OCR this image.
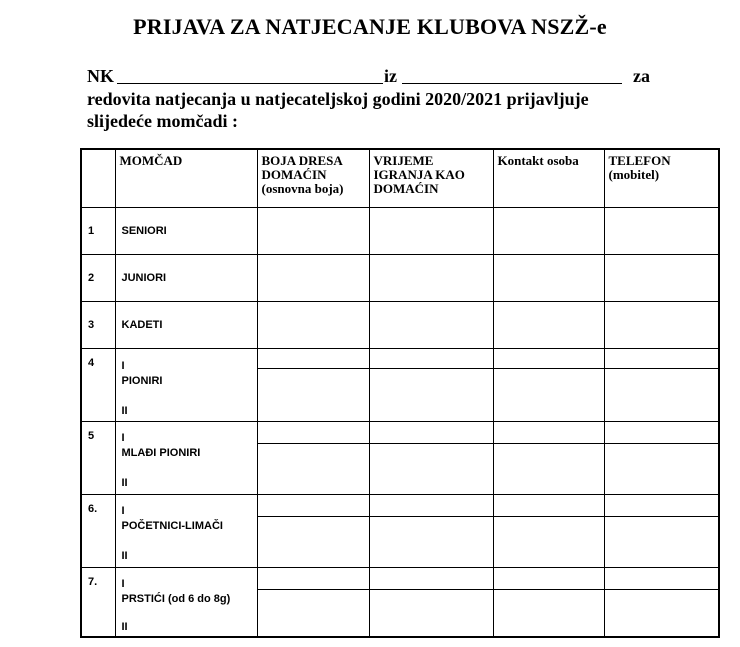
PRIJAVA ZA NATJECANJE KLUBOVA NSZŽ-e
NK	iz	za
redovita natjecanja u natjecateljskoj godini 2020/2021 prijavljuje
slijedeće momčadi :
	MOMČAD	BOJA DRESA DOMAĆIN (osnovna boja)	VRIJEME IGRANJA KAO DOMAĆIN	Kontakt osoba	TELEFON (mobitel)
1	SENIORI				
2	JUNIORI				
3	KADETI				
4	I
PIONIRI
II				

5	I
MLAĐI PIONIRI
II				

6.	I
POČETNICI-LIMAČI
II				

7.	I
PRSTIĆI (od 6 do 8g)
II				
